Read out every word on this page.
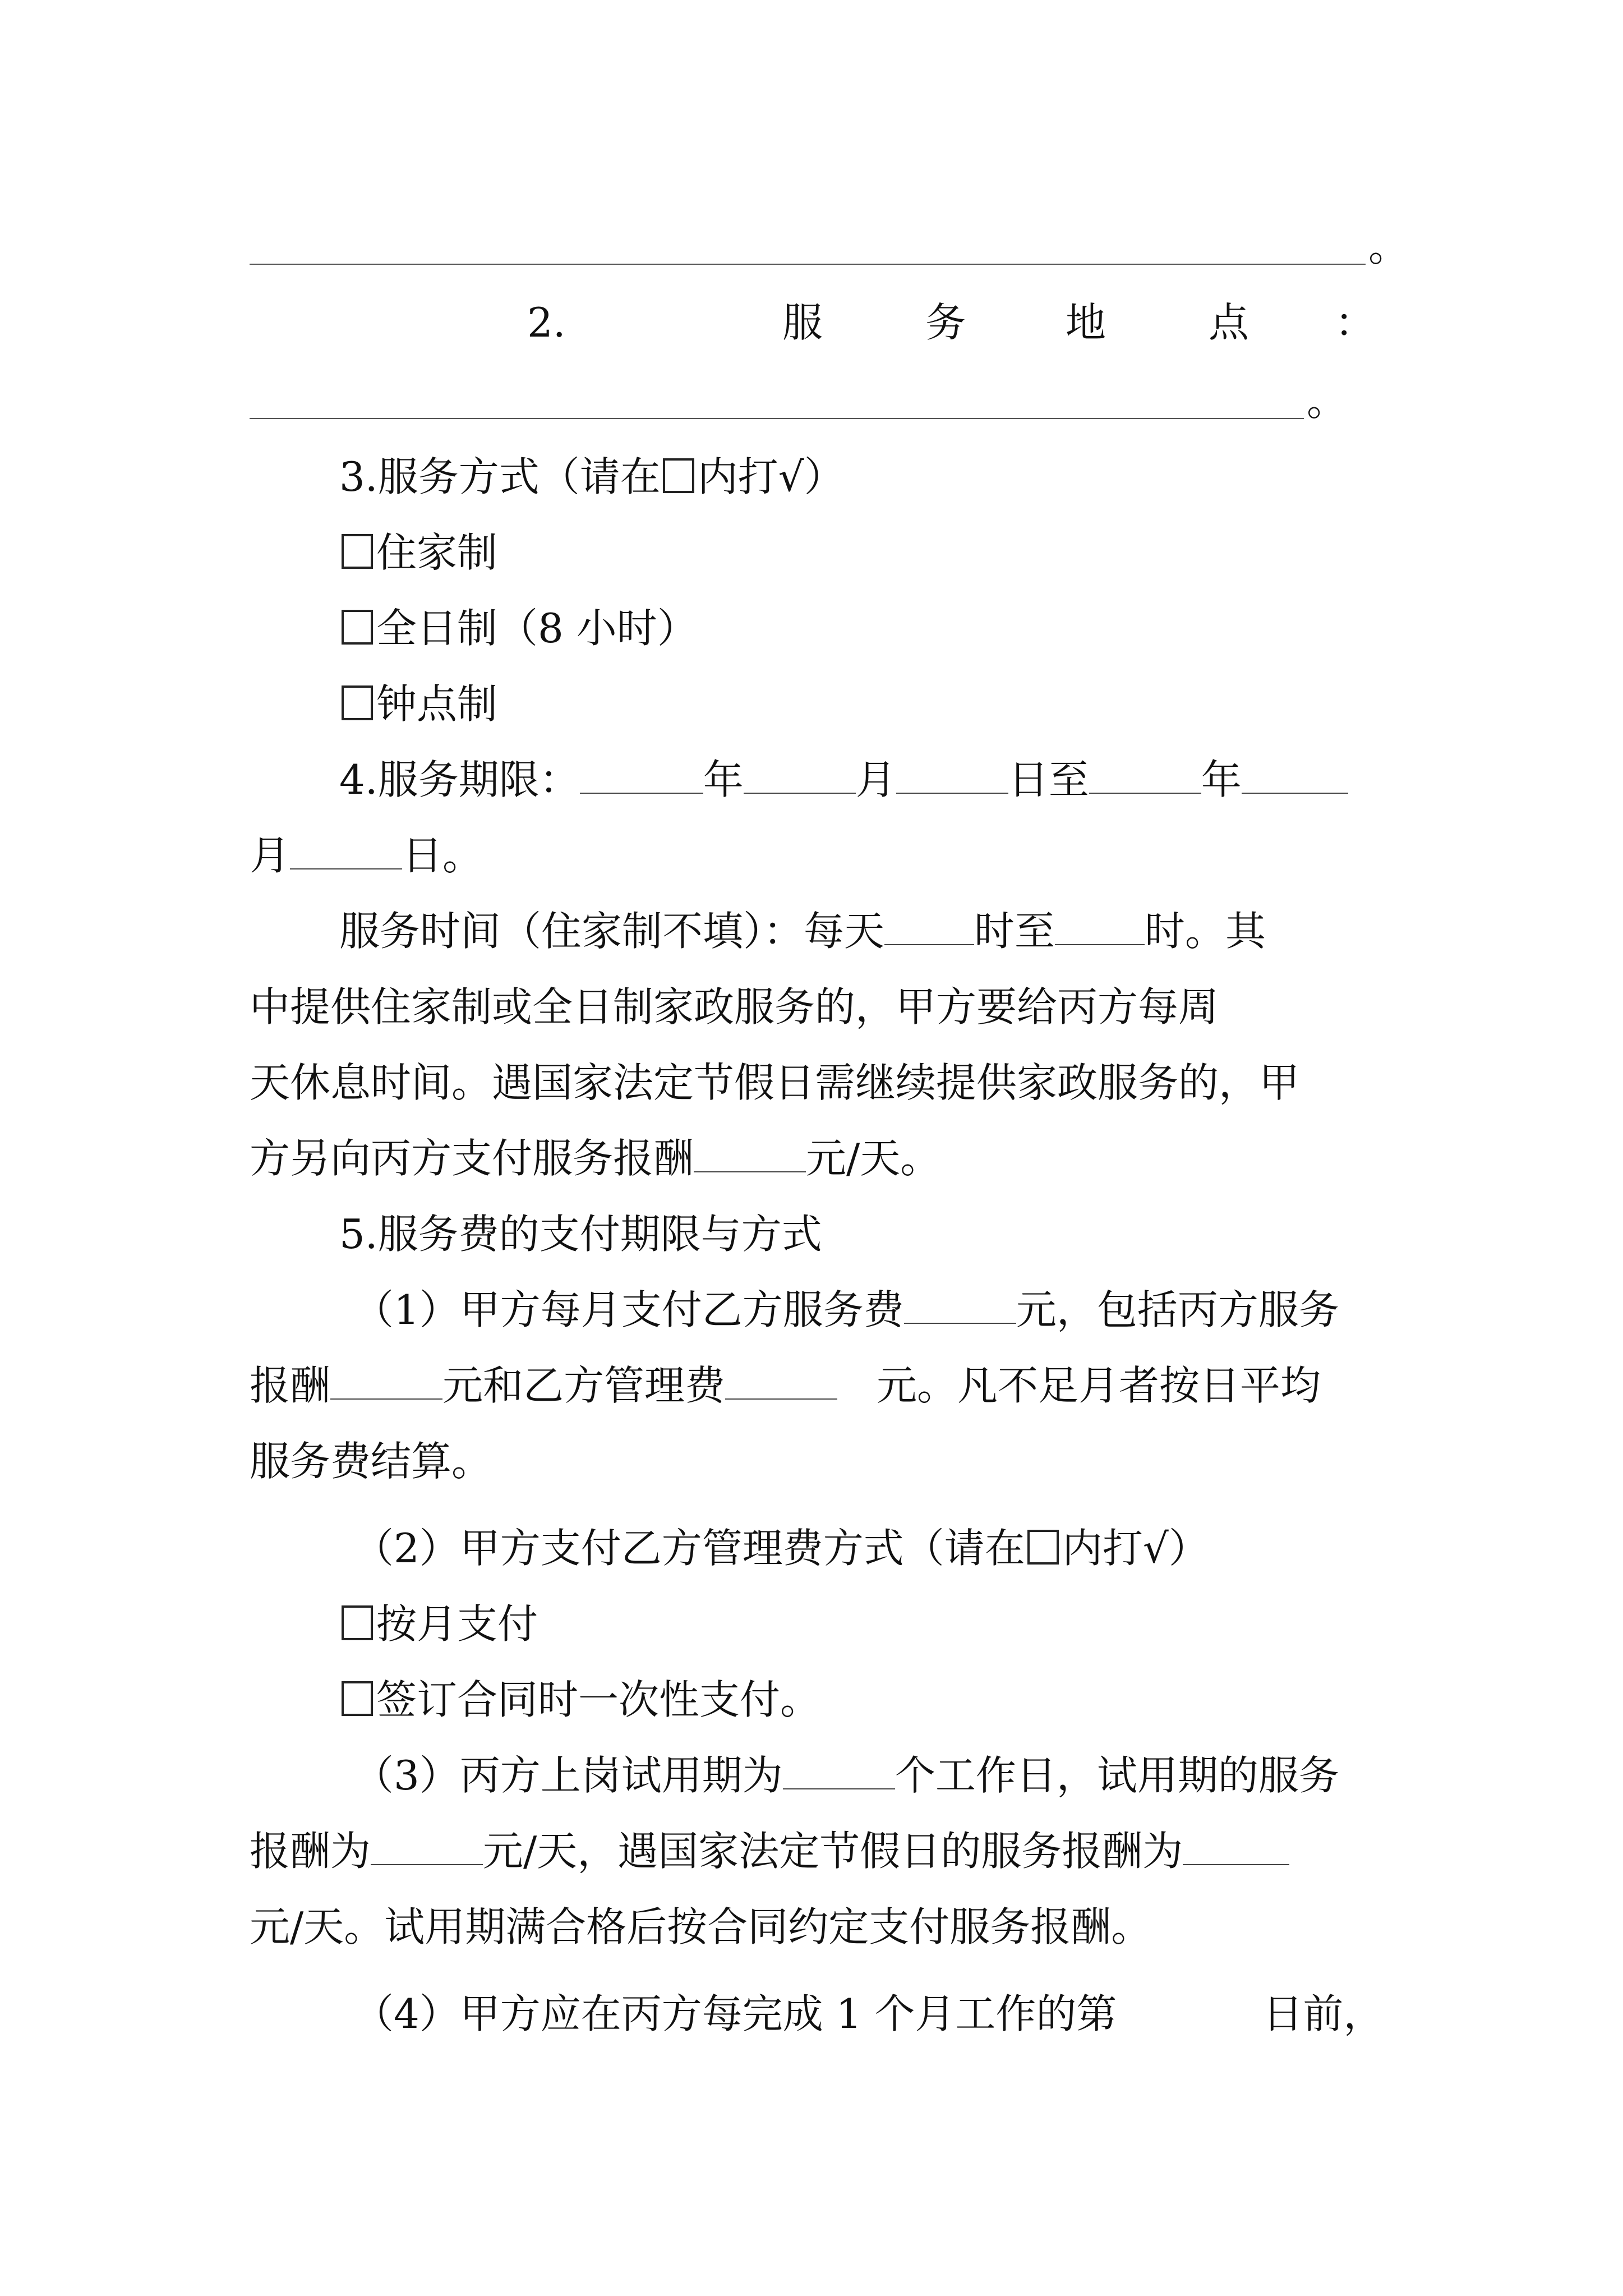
。
2.	服	务 地	点 ：
。
3.服务方式（请在 内打√）
住家制
全日制（8 小时）
钟点制
4.服务期限：	年	月	日至	年
月	日。
服务时间（住家制不填）：每天 时至 时。其
中提供住家制或全日制家政服务的，甲方要给丙方每周
天休息时间。遇国家法定节假日需继续提供家政服务的，甲
方另向丙方支付服务报酬	元/天。
5.服务费的支付期限与方式
（1）甲方每月支付乙方服务费	元，包括丙方服务
报酬	元和乙方管理费	元。凡不足月者按日平均
服务费结算。
（2）甲方支付乙方管理费方式（请在 内打√）
按月支付
签订合同时一次性支付。
（3）丙方上岗试用期为	个工作日，试用期的服务
报酬为	元/天，遇国家法定节假日的服务报酬为
元/天。试用期满合格后按合同约定支付服务报酬。
（4）甲方应在丙方每完成 1 个月工作的第	日前，
